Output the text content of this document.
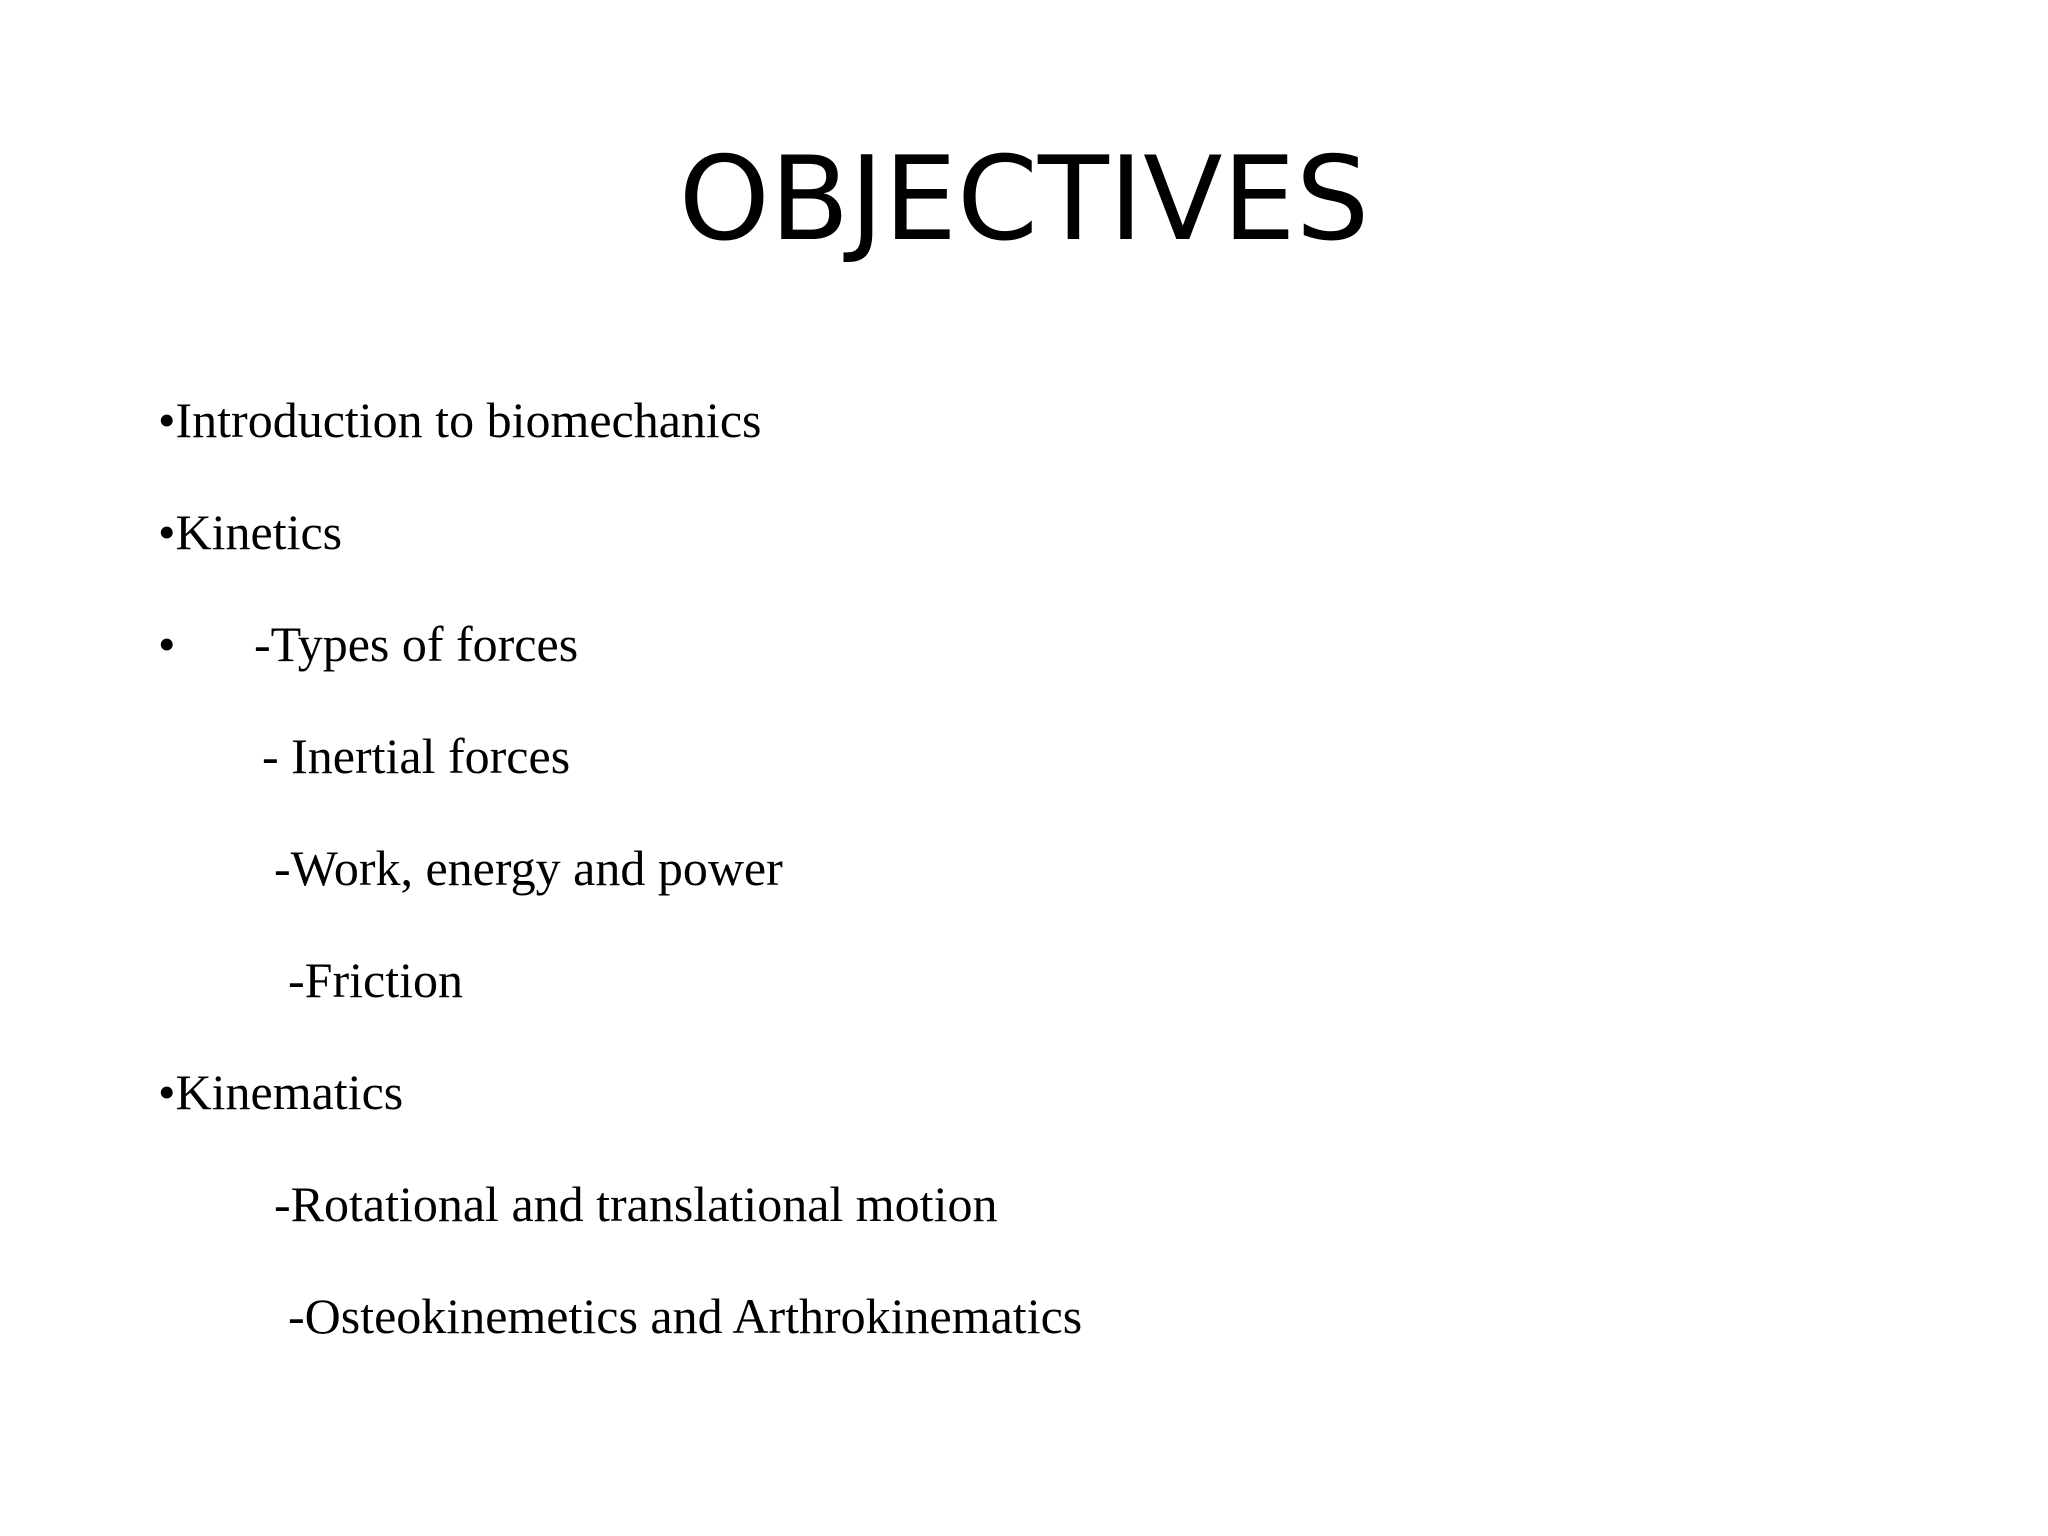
OBJECTIVES

•Introduction to biomechanics

•Kinetics

• -Types of forces

- Inertial forces

-Work, energy and power

-Friction

•Kinematics

-Rotational and translational motion

-Osteokinemetics and Arthrokinematics
